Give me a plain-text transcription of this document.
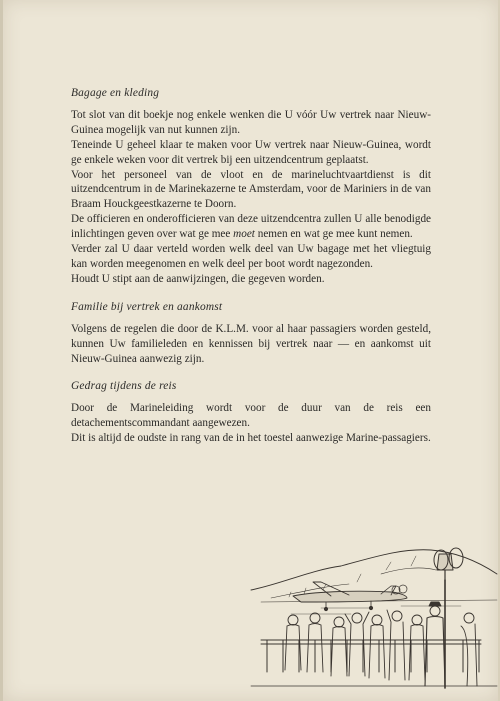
Bagage en kleding

Tot slot van dit boekje nog enkele wenken die U vóór Uw vertrek naar Nieuw-Guinea mogelijk van nut kunnen zijn.

Teneinde U geheel klaar te maken voor Uw vertrek naar Nieuw-Guinea, wordt ge enkele weken voor dit vertrek bij een uitzendcentrum geplaatst.

Voor het personeel van de vloot en de marineluchtvaartdienst is dit uitzendcentrum in de Marinekazerne te Amsterdam, voor de Mariniers in de van Braam Houckgeestkazerne te Doorn.

De officieren en onderofficieren van deze uitzendcentra zullen U alle benodigde inlichtingen geven over wat ge mee moet nemen en wat ge mee kunt nemen.

Verder zal U daar verteld worden welk deel van Uw bagage met het vliegtuig kan worden meegenomen en welk deel per boot wordt nagezonden.

Houdt U stipt aan de aanwijzingen, die gegeven worden.

Familie bij vertrek en aankomst

Volgens de regelen die door de K.L.M. voor al haar passagiers worden gesteld, kunnen Uw familieleden en kennissen bij vertrek naar — en aankomst uit Nieuw-Guinea aanwezig zijn.

Gedrag tijdens de reis

Door de Marineleiding wordt voor de duur van de reis een detachementscommandant aangewezen.

Dit is altijd de oudste in rang van de in het toestel aanwezige Marine-passagiers.
